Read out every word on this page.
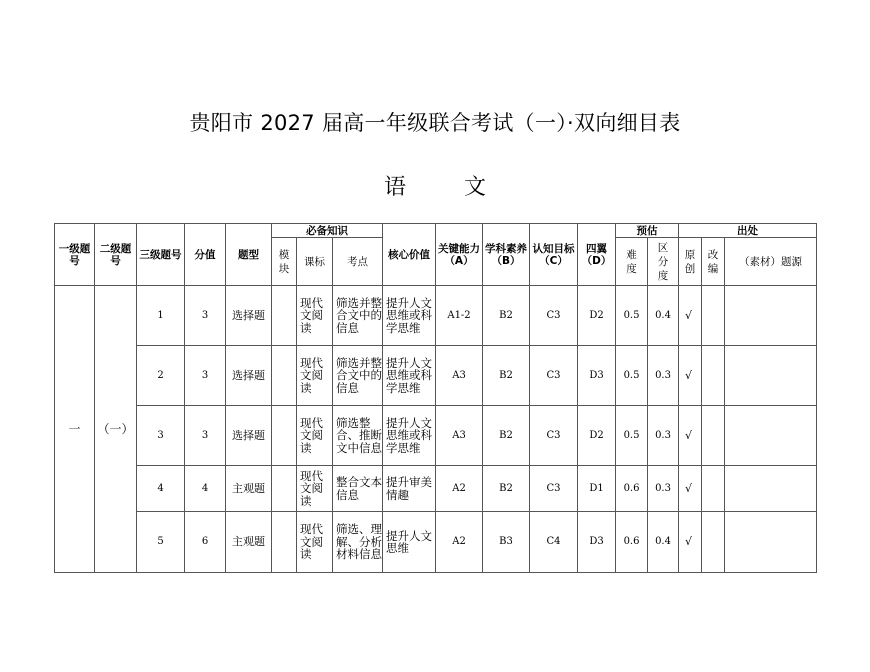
贵阳市 2027 届高一年级联合考试（一）·双向细目表
语　文
一级题号	二级题号	三级题号	分值	题型	必备知识			核心价值	关键能力（A）	学科素养（B）	认知目标（C）	四翼（D）	预估		出处		
					模块	课标	考点						难度	区分度	原创	改编	（素材）题源
一	（一）	1	3	选择题		现代文阅读	筛选并整合文中的信息	提升人文思维或科学思维	A1-2	B2	C3	D2	0.5	0.4	√		
		2	3	选择题		现代文阅读	筛选并整合文中的信息	提升人文思维或科学思维	A3	B2	C3	D3	0.5	0.3	√		
		3	3	选择题		现代文阅读	筛选整合、推断文中信息	提升人文思维或科学思维	A3	B2	C3	D2	0.5	0.3	√		
		4	4	主观题		现代文阅读	整合文本信息	提升审美情趣	A2	B2	C3	D1	0.6	0.3	√		
		5	6	主观题		现代文阅读	筛选、理解、分析材料信息	提升人文思维	A2	B3	C4	D3	0.6	0.4	√		
